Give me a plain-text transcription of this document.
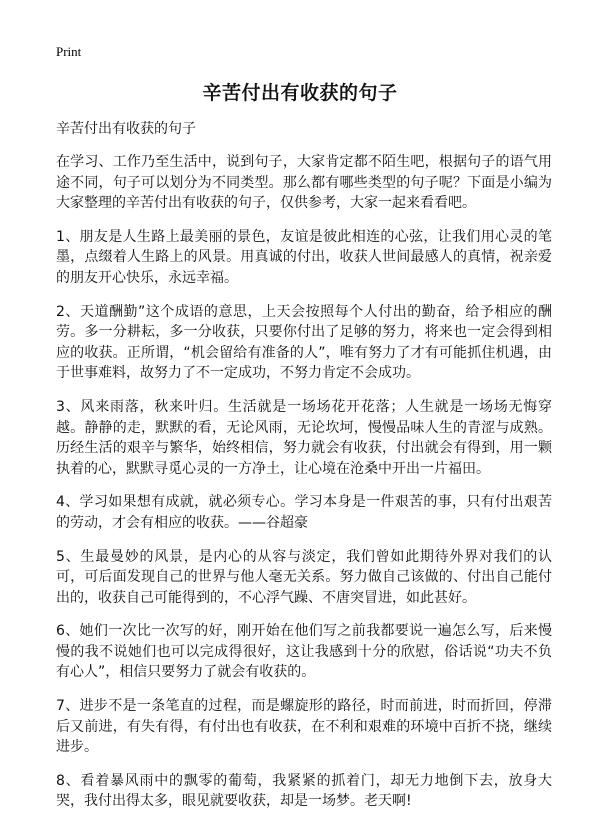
Print
辛苦付出有收获的句子

辛苦付出有收获的句子

在学习、工作乃至生活中，说到句子，大家肯定都不陌生吧，根据句子的语气用途不同，句子可以划分为不同类型。那么都有哪些类型的句子呢？下面是小编为大家整理的辛苦付出有收获的句子，仅供参考，大家一起来看看吧。

1、朋友是人生路上最美丽的景色，友谊是彼此相连的心弦，让我们用心灵的笔墨，点缀着人生路上的风景。用真诚的付出，收获人世间最感人的真情，祝亲爱的朋友开心快乐，永远幸福。

2、天道酬勤”这个成语的意思，上天会按照每个人付出的勤奋，给予相应的酬劳。多一分耕耘，多一分收获，只要你付出了足够的努力，将来也一定会得到相应的收获。正所谓，“机会留给有准备的人”，唯有努力了才有可能抓住机遇，由于世事难料，故努力了不一定成功，不努力肯定不会成功。

3、风来雨落，秋来叶归。生活就是一场场花开花落；人生就是一场场无悔穿越。静静的走，默默的看，无论风雨，无论坎坷，慢慢品味人生的青涩与成熟。历经生活的艰辛与繁华，始终相信，努力就会有收获，付出就会有得到，用一颗执着的心，默默寻觅心灵的一方净土，让心境在沧桑中开出一片福田。

4、学习如果想有成就，就必须专心。学习本身是一件艰苦的事，只有付出艰苦的劳动，才会有相应的收获。——谷超豪

5、生最曼妙的风景，是内心的从容与淡定，我们曾如此期待外界对我们的认可，可后面发现自己的世界与他人毫无关系。努力做自己该做的、付出自己能付出的，收获自己可能得到的，不心浮气躁、不唐突冒进，如此甚好。

6、她们一次比一次写的好，刚开始在他们写之前我都要说一遍怎么写，后来慢慢的我不说她们也可以完成得很好，这让我感到十分的欣慰，俗话说“功夫不负有心人”，相信只要努力了就会有收获的。

7、进步不是一条笔直的过程，而是螺旋形的路径，时而前进，时而折回，停滞后又前进，有失有得，有付出也有收获，在不利和艰难的环境中百折不挠，继续进步。

8、看着暴风雨中的飘零的葡萄，我紧紧的抓着门，却无力地倒下去，放身大哭，我付出得太多，眼见就要收获，却是一场梦。老天啊!
